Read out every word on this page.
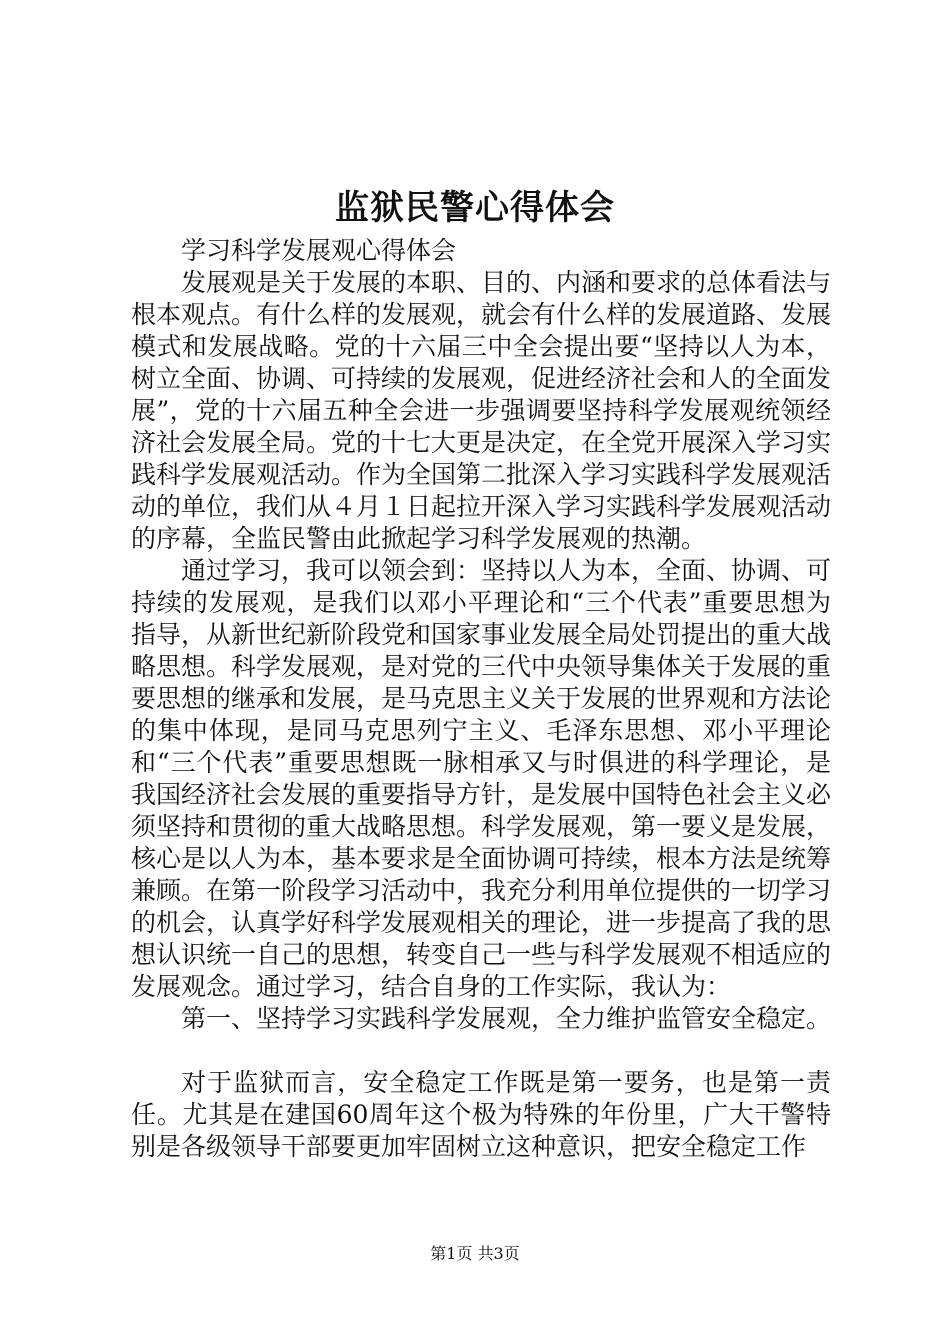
监狱民警心得体会

学习科学发展观心得体会

发展观是关于发展的本职、目的、内涵和要求的总体看法与根本观点。有什么样的发展观，就会有什么样的发展道路、发展模式和发展战略。党的十六届三中全会提出要“坚持以人为本，树立全面、协调、可持续的发展观，促进经济社会和人的全面发展”，党的十六届五种全会进一步强调要坚持科学发展观统领经济社会发展全局。党的十七大更是决定，在全党开展深入学习实践科学发展观活动。作为全国第二批深入学习实践科学发展观活动的单位，我们从４月１日起拉开深入学习实践科学发展观活动的序幕，全监民警由此掀起学习科学发展观的热潮。

通过学习，我可以领会到：坚持以人为本，全面、协调、可持续的发展观，是我们以邓小平理论和“三个代表”重要思想为指导，从新世纪新阶段党和国家事业发展全局处罚提出的重大战略思想。科学发展观，是对党的三代中央领导集体关于发展的重要思想的继承和发展，是马克思主义关于发展的世界观和方法论的集中体现，是同马克思列宁主义、毛泽东思想、邓小平理论和“三个代表”重要思想既一脉相承又与时俱进的科学理论，是我国经济社会发展的重要指导方针，是发展中国特色社会主义必须坚持和贯彻的重大战略思想。科学发展观，第一要义是发展，核心是以人为本，基本要求是全面协调可持续，根本方法是统筹兼顾。在第一阶段学习活动中，我充分利用单位提供的一切学习的机会，认真学好科学发展观相关的理论，进一步提高了我的思想认识统一自己的思想，转变自己一些与科学发展观不相适应的发展观念。通过学习，结合自身的工作实际，我认为：

第一、坚持学习实践科学发展观，全力维护监管安全稳定。

对于监狱而言，安全稳定工作既是第一要务，也是第一责任。尤其是在建国60周年这个极为特殊的年份里，广大干警特别是各级领导干部要更加牢固树立这种意识，把安全稳定工作

第1页 共3页
